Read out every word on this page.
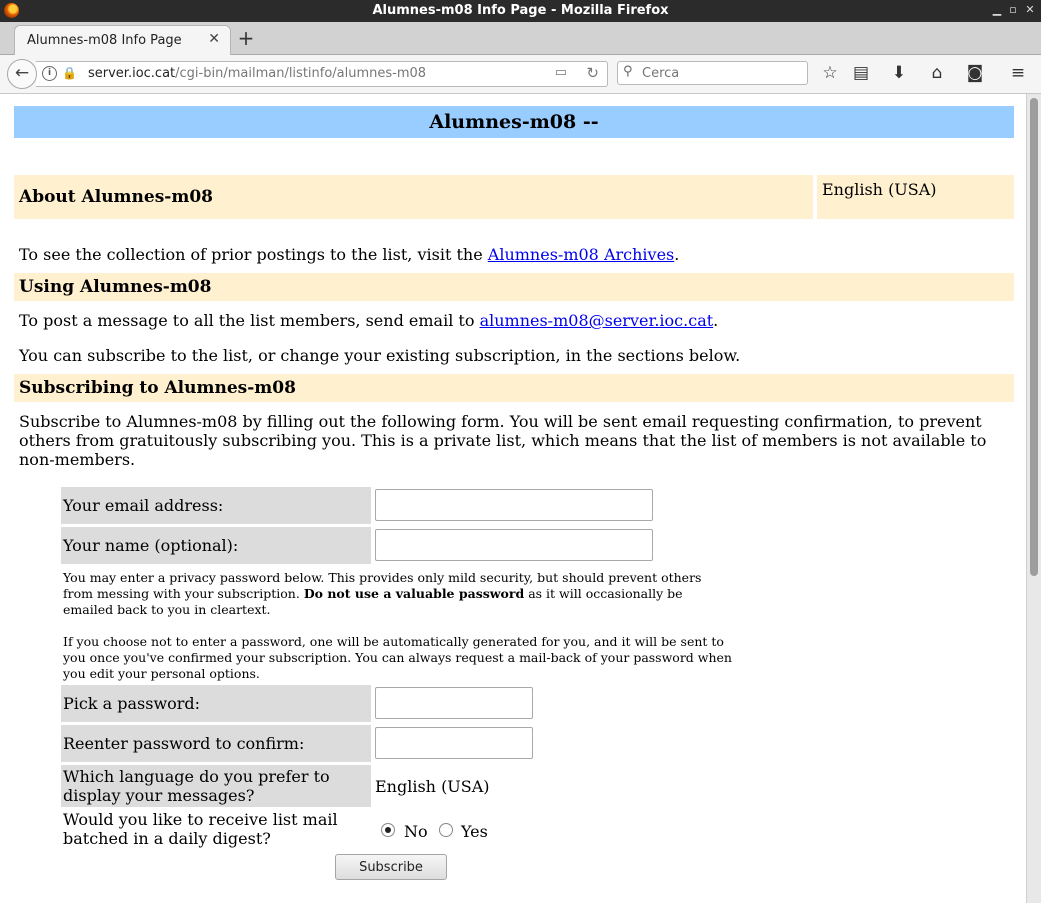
Alumnes-m08 Info Page - Mozilla Firefox	▁ ▫ ✕
Alumnes-m08 Info Page ✕ +
i 🔒 server.ioc.cat/cgi-bin/mailman/listinfo/alumnes-m08	▭ ↻
←	⚲
Cerca	☆ ▤ ⬇	⌂	◙ ≡
Alumnes-m08 --
About Alumnes-m08	English (USA)
To see the collection of prior postings to the list, visit the Alumnes-m08 Archives.
Using Alumnes-m08
To post a message to all the list members, send email to alumnes-m08@server.ioc.cat.
You can subscribe to the list, or change your existing subscription, in the sections below.
Subscribing to Alumnes-m08
Subscribe to Alumnes-m08 by filling out the following form. You will be sent email requesting confirmation, to prevent others from gratuitously subscribing you. This is a private list, which means that the list of members is not available to non-members.
Your email address:
Your name (optional):
You may enter a privacy password below. This provides only mild security, but should prevent others from messing with your subscription. Do not use a valuable password as it will occasionally be emailed back to you in cleartext.
If you choose not to enter a password, one will be automatically generated for you, and it will be sent to you once you've confirmed your subscription. You can always request a mail-back of your password when you edit your personal options.
Pick a password:
Reenter password to confirm:
Which language do you prefer to display your messages?	English (USA)
Would you like to receive list mail batched in a daily digest?	No Yes
Subscribe
